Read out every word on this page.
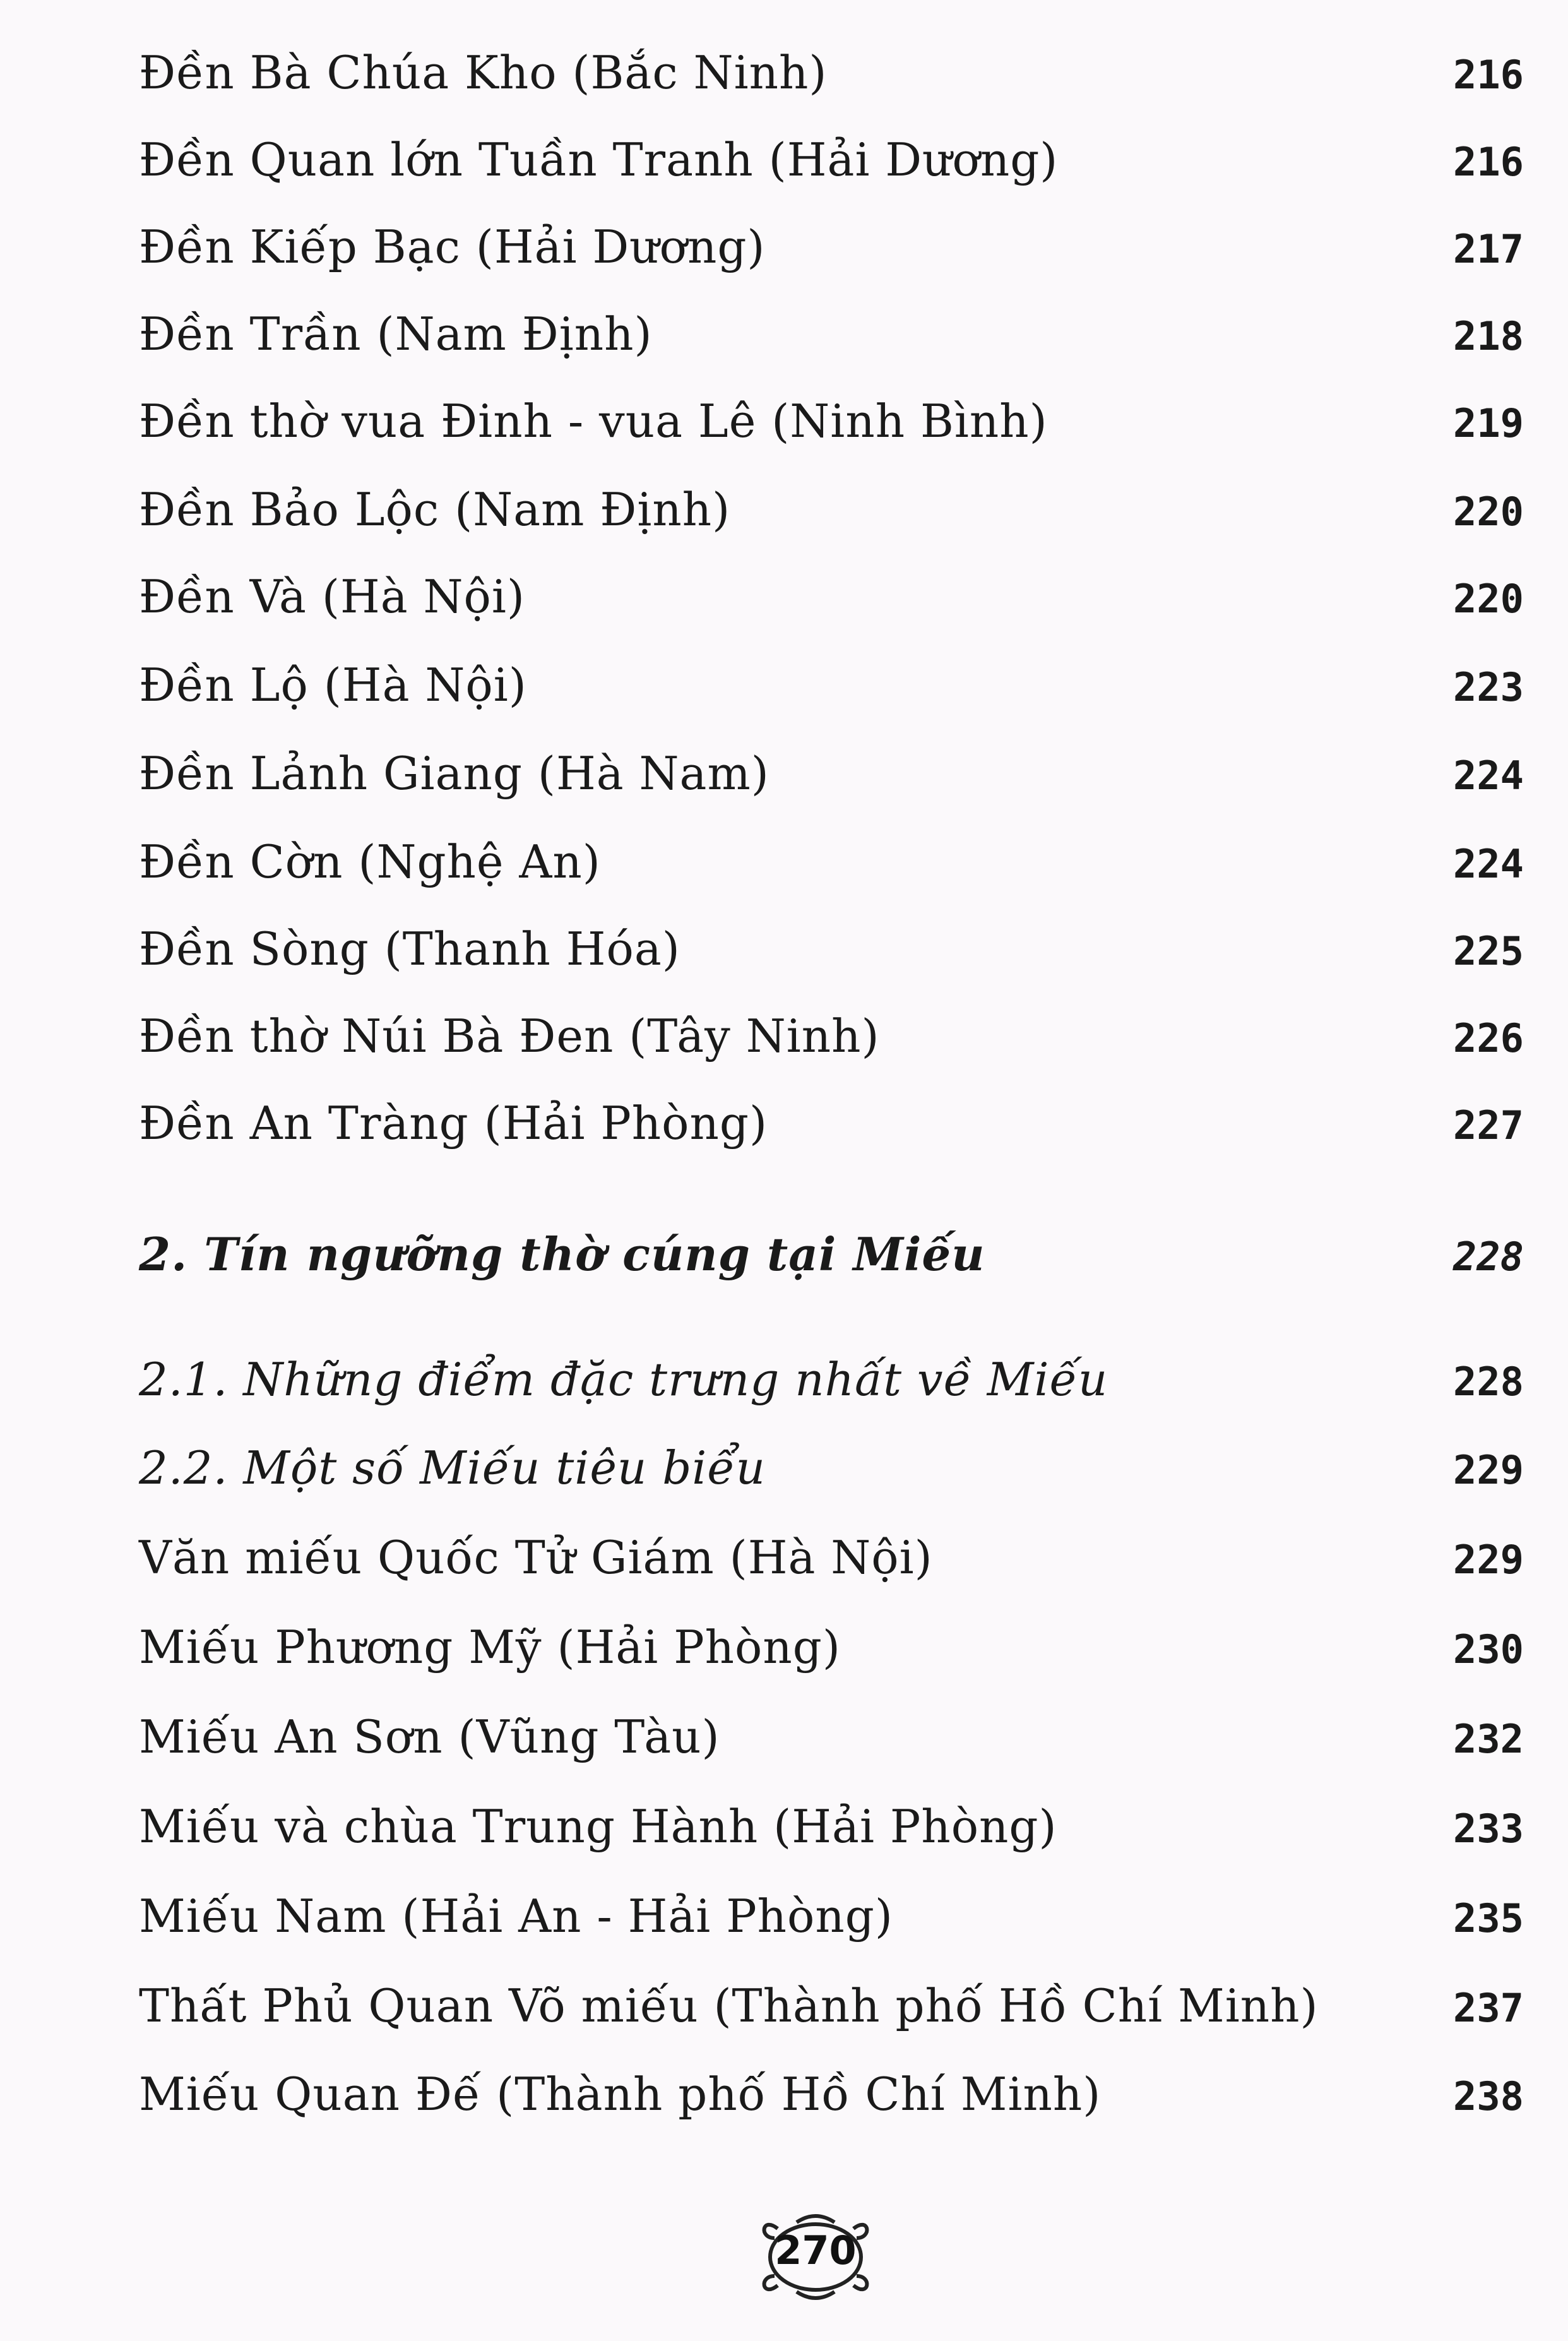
Đền Bà Chúa Kho (Bắc Ninh)	216
Đền Quan lớn Tuần Tranh (Hải Dương)	216
Đền Kiếp Bạc (Hải Dương)	217
Đền Trần (Nam Định)	218
Đền thờ vua Đinh - vua Lê (Ninh Bình)	219
Đền Bảo Lộc (Nam Định)	220
Đền Và (Hà Nội)	220
Đền Lộ (Hà Nội)	223
Đền Lảnh Giang (Hà Nam)	224
Đền Cờn (Nghệ An)	224
Đền Sòng (Thanh Hóa)	225
Đền thờ Núi Bà Đen (Tây Ninh)	226
Đền An Tràng (Hải Phòng)	227
2. Tín ngưỡng thờ cúng tại Miếu	228
2.1. Những điểm đặc trưng nhất về Miếu	228
2.2. Một số Miếu tiêu biểu	229
Văn miếu Quốc Tử Giám (Hà Nội)	229
Miếu Phương Mỹ (Hải Phòng)	230
Miếu An Sơn (Vũng Tàu)	232
Miếu và chùa Trung Hành (Hải Phòng)	233
Miếu Nam (Hải An - Hải Phòng)	235
Thất Phủ Quan Võ miếu (Thành phố Hồ Chí Minh)	237
Miếu Quan Đế (Thành phố Hồ Chí Minh)	238
270
